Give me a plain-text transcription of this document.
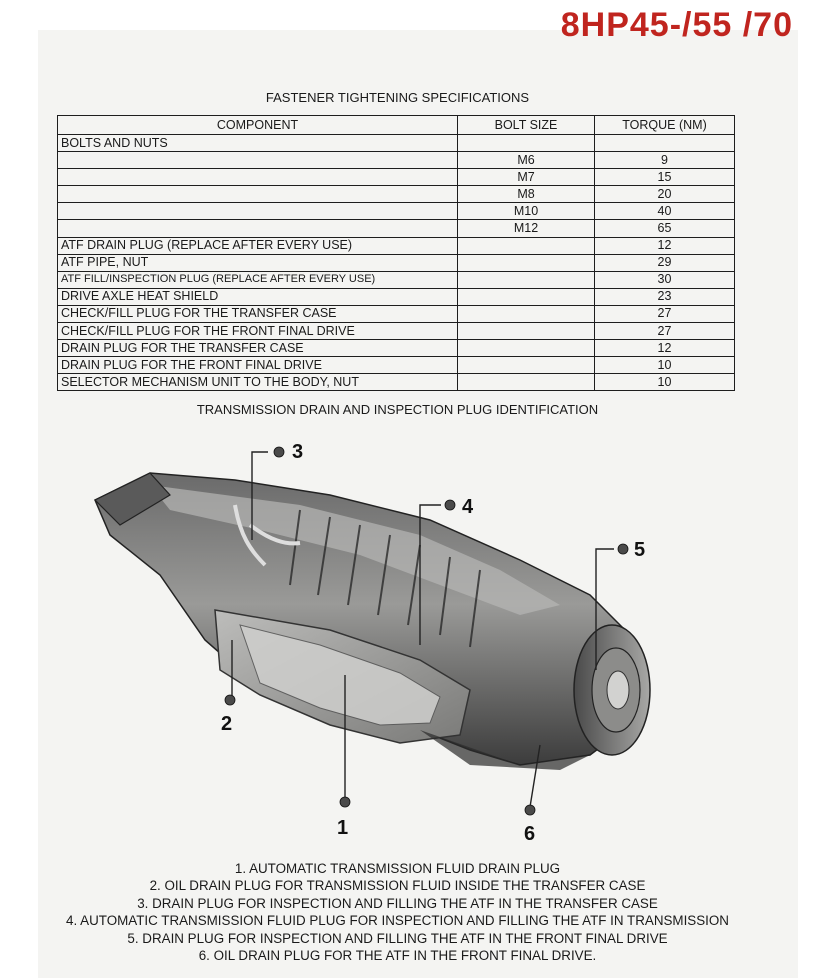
8HP45-/55 /70
FASTENER TIGHTENING SPECIFICATIONS
COMPONENT	BOLT SIZE	TORQUE (NM)
BOLTS AND NUTS		
	M6	9
	M7	15
	M8	20
	M10	40
	M12	65
ATF DRAIN PLUG (REPLACE AFTER EVERY USE)		12
ATF PIPE, NUT		29
ATF FILL/INSPECTION PLUG (REPLACE AFTER EVERY USE)		30
DRIVE AXLE HEAT SHIELD		23
CHECK/FILL PLUG FOR THE TRANSFER CASE		27
CHECK/FILL PLUG FOR THE FRONT FINAL DRIVE		27
DRAIN PLUG FOR THE TRANSFER CASE		12
DRAIN PLUG FOR THE FRONT FINAL DRIVE		10
SELECTOR MECHANISM UNIT TO THE BODY, NUT		10
TRANSMISSION DRAIN AND INSPECTION PLUG IDENTIFICATION
3
4
5
2
1	6
1. AUTOMATIC TRANSMISSION FLUID DRAIN PLUG
2. OIL DRAIN PLUG FOR TRANSMISSION FLUID INSIDE THE TRANSFER CASE
3. DRAIN PLUG FOR INSPECTION AND FILLING THE ATF IN THE TRANSFER CASE
4. AUTOMATIC TRANSMISSION FLUID PLUG FOR INSPECTION AND FILLING THE ATF IN TRANSMISSION
5. DRAIN PLUG FOR INSPECTION AND FILLING THE ATF IN THE FRONT FINAL DRIVE
6. OIL DRAIN PLUG FOR THE ATF IN THE FRONT FINAL DRIVE.
